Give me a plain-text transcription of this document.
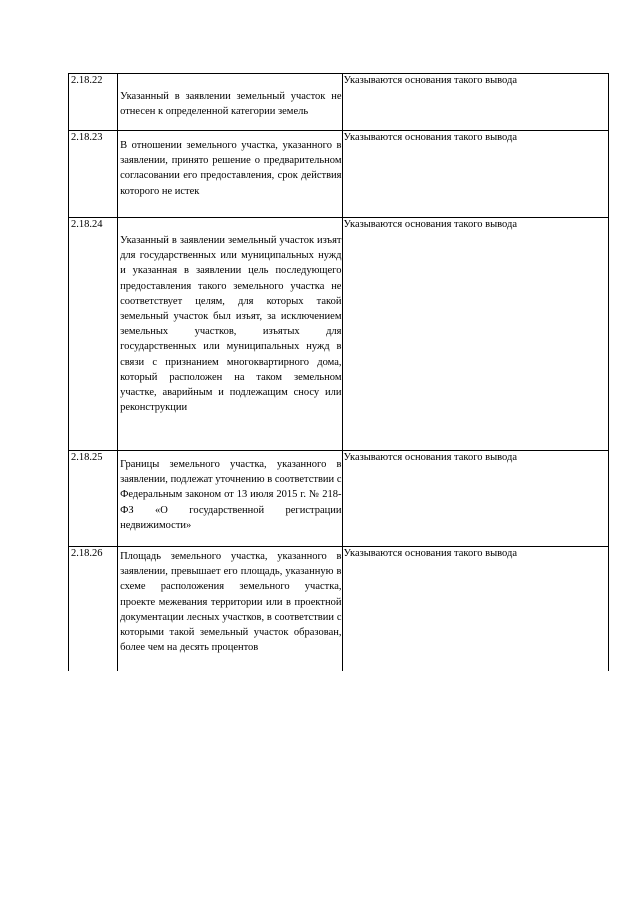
2.18.22	Указанный в заявлении земельный участок не отнесен к определенной категории земель	Указываются основания такого вывода

2.18.23	В отношении земельного участка, указанного в заявлении, принято решение о предварительном согласовании его предоставления, срок действия которого не истек	Указываются основания такого вывода

2.18.24	Указанный в заявлении земельный участок изъят для государственных или муниципальных нужд и указанная в заявлении цель последующего предоставления такого земельного участка не соответствует целям, для которых такой земельный участок был изъят, за исключением земельных участков, изъятых для государственных или муниципальных нужд в связи с признанием многоквартирного дома, который расположен на таком земельном участке, аварийным и подлежащим сносу или реконструкции	Указываются основания такого вывода

2.18.25	Границы земельного участка, указанного в заявлении, подлежат уточнению в соответствии с Федеральным законом от 13 июля 2015 г. № 218-ФЗ «О государственной регистрации недвижимости»	Указываются основания такого вывода

2.18.26	Площадь земельного участка, указанного в заявлении, превышает его площадь, указанную в схеме расположения земельного участка, проекте межевания территории или в проектной документации лесных участков, в соответствии с которыми такой земельный участок образован, более чем на десять процентов	Указываются основания такого вывода
